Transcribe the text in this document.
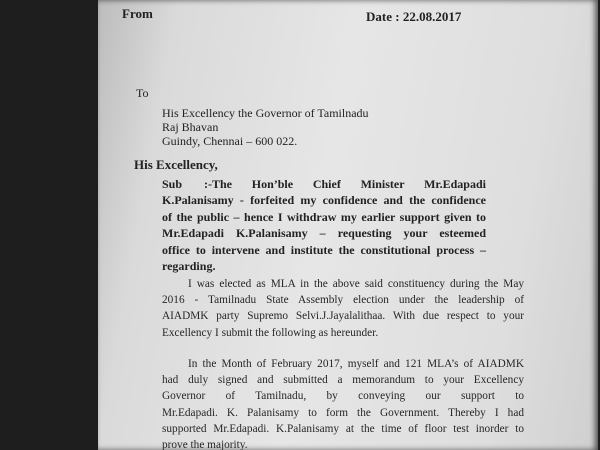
From	Date : 22.08.2017
To
His Excellency the Governor of Tamilnadu
Raj Bhavan
Guindy, Chennai – 600 022.
His Excellency,

Sub :-The Hon’ble Chief Minister Mr.Edapadi

K.Palanisamy - forfeited my confidence and the confidence

of the public – hence I withdraw my earlier support given to

Mr.Edapadi K.Palanisamy – requesting your esteemed

office to intervene and institute the constitutional process –

regarding.

I was elected as MLA in the above said constituency during the May

2016 - Tamilnadu State Assembly election under the leadership of

AIADMK party Supremo Selvi.J.Jayalalithaa. With due respect to your

Excellency I submit the following as hereunder.

In the Month of February 2017, myself and 121 MLA’s of AIADMK

had duly signed and submitted a memorandum to your Excellency

Governor of Tamilnadu, by conveying our support to

Mr.Edapadi. K. Palanisamy to form the Government. Thereby I had

supported Mr.Edapadi. K.Palanisamy at the time of floor test inorder to

prove the majority.
